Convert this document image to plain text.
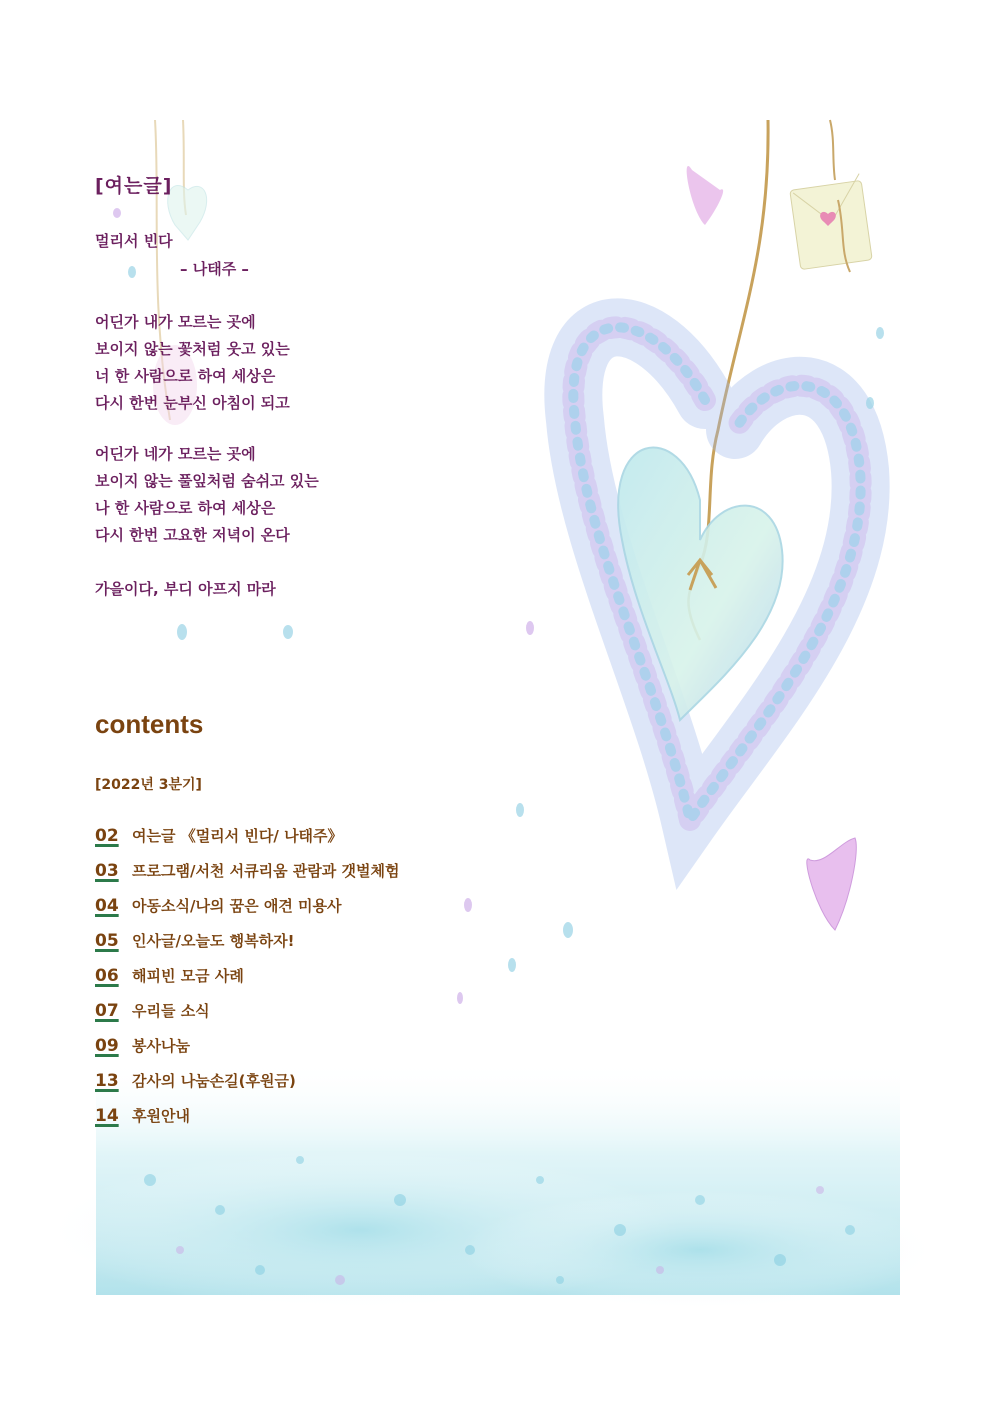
[여는글]
멀리서 빈다
– 나태주 –
어딘가 내가 모르는 곳에
보이지 않는 꽃처럼 웃고 있는
너 한 사람으로 하여 세상은
다시 한번 눈부신 아침이 되고
어딘가 네가 모르는 곳에
보이지 않는 풀잎처럼 숨쉬고 있는
나 한 사람으로 하여 세상은
다시 한번 고요한 저녁이 온다
가을이다, 부디 아프지 마라
contents
[2022년 3분기]
02 여는글 《멀리서 빈다/ 나태주》
03 프로그램/서천 서큐리움 관람과 갯벌체험
04 아동소식/나의 꿈은 애견 미용사
05 인사글/오늘도 행복하자!
06 해피빈 모금 사례
07 우리들 소식
09 봉사나눔
13 감사의 나눔손길(후원금)
14 후원안내
